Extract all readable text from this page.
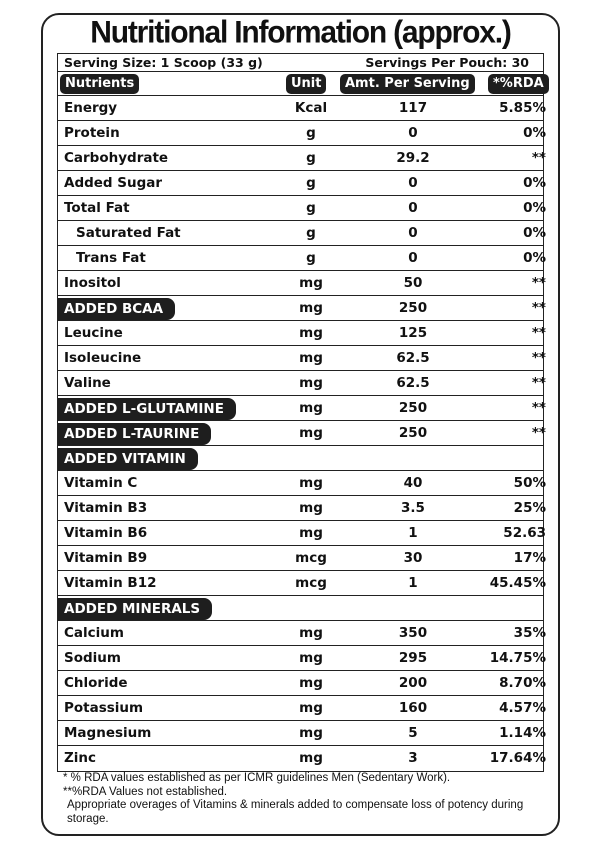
Nutritional Information (approx.)
Serving Size: 1 Scoop (33 g)	Servings Per Pouch: 30
Nutrients	Unit	Amt. Per Serving	*%RDA
Energy	Kcal	117	5.85%
Protein	g	0	0%
Carbohydrate	g	29.2	**
Added Sugar	g	0	0%
Total Fat	g	0	0%
Saturated Fat	g	0	0%
Trans Fat	g	0	0%
Inositol	mg	50	**
ADDED BCAA	mg	250	**
Leucine	mg	125	**
Isoleucine	mg	62.5	**
Valine	mg	62.5	**
ADDED L-GLUTAMINE	mg	250	**
ADDED L-TAURINE	mg	250	**
ADDED VITAMIN
Vitamin C	mg	40	50%
Vitamin B3	mg	3.5	25%
Vitamin B6	mg	1	52.63
Vitamin B9	mcg	30	17%
Vitamin B12	mcg	1	45.45%
ADDED MINERALS
Calcium	mg	350	35%
Sodium	mg	295	14.75%
Chloride	mg	200	8.70%
Potassium	mg	160	4.57%
Magnesium	mg	5	1.14%
Zinc	mg	3	17.64%
* % RDA values established as per ICMR guidelines Men (Sedentary Work).
**%RDA Values not established.
Appropriate overages of Vitamins & minerals added to compensate loss of potency during storage.
